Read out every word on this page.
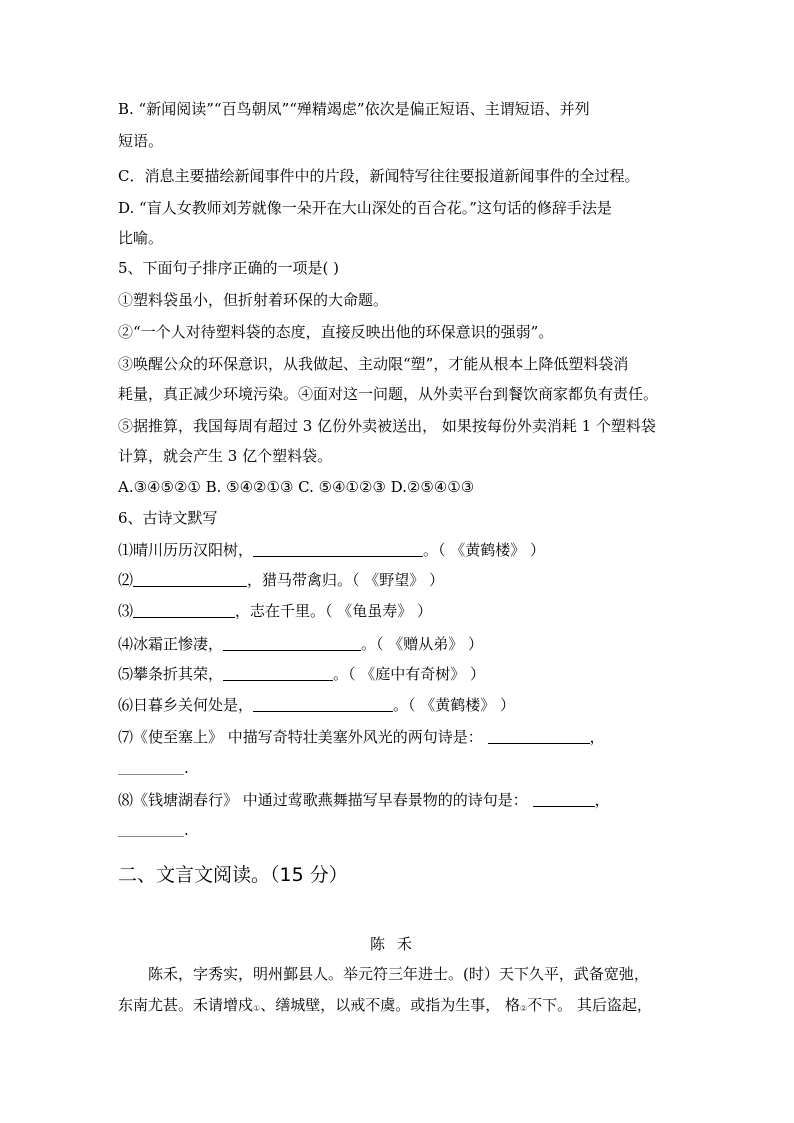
B. “新闻阅读”“百鸟朝凤”“殚精竭虑”依次是偏正短语、主谓短语、并列
短语。
C．消息主要描绘新闻事件中的片段，新闻特写往往要报道新闻事件的全过程。
D. “盲人女教师刘芳就像一朵开在大山深处的百合花。”这句话的修辞手法是
比喻。
5、下面句子排序正确的一项是( )
①塑料袋虽小，但折射着环保的大命题。
②“一个人对待塑料袋的态度，直接反映出他的环保意识的强弱”。
③唤醒公众的环保意识，从我做起、主动限“塑”，才能从根本上降低塑料袋消
耗量，真正减少环境污染。④面对这一问题，从外卖平台到餐饮商家都负有责任。
⑤据推算，我国每周有超过 3 亿份外卖被送出， 如果按每份外卖消耗 1 个塑料袋
计算，就会产生 3 亿个塑料袋。
A.③④⑤②① B. ⑤④②①③ C. ⑤④①②③ D.②⑤④①③
6、古诗文默写
⑴晴川历历汉阳树，	。（ 《黄鹤楼》 ）
⑵	，猎马带禽归。（ 《野望》 ）
⑶	，志在千里。（ 《龟虽寿》 ）
⑷冰霜正惨凄，	。（ 《赠从弟》 ）
⑸攀条折其荣，	。（ 《庭中有奇树》 ）
⑹日暮乡关何处是，	。（ 《黄鹤楼》 ）
⑺《使至塞上》 中描写奇特壮美塞外风光的两句诗是：	，
.
⑻《钱塘湖春行》 中通过莺歌燕舞描写早春景物的的诗句是：	，
.
二、文言文阅读。（15 分）
陈禾
陈禾，字秀实，明州鄞县人。举元符三年进士。(时）天下久平，武备宽弛，
东南尤甚。禾请增戍①、缮城壁，以戒不虞。或指为生事， 格②不下。 其后盗起，
